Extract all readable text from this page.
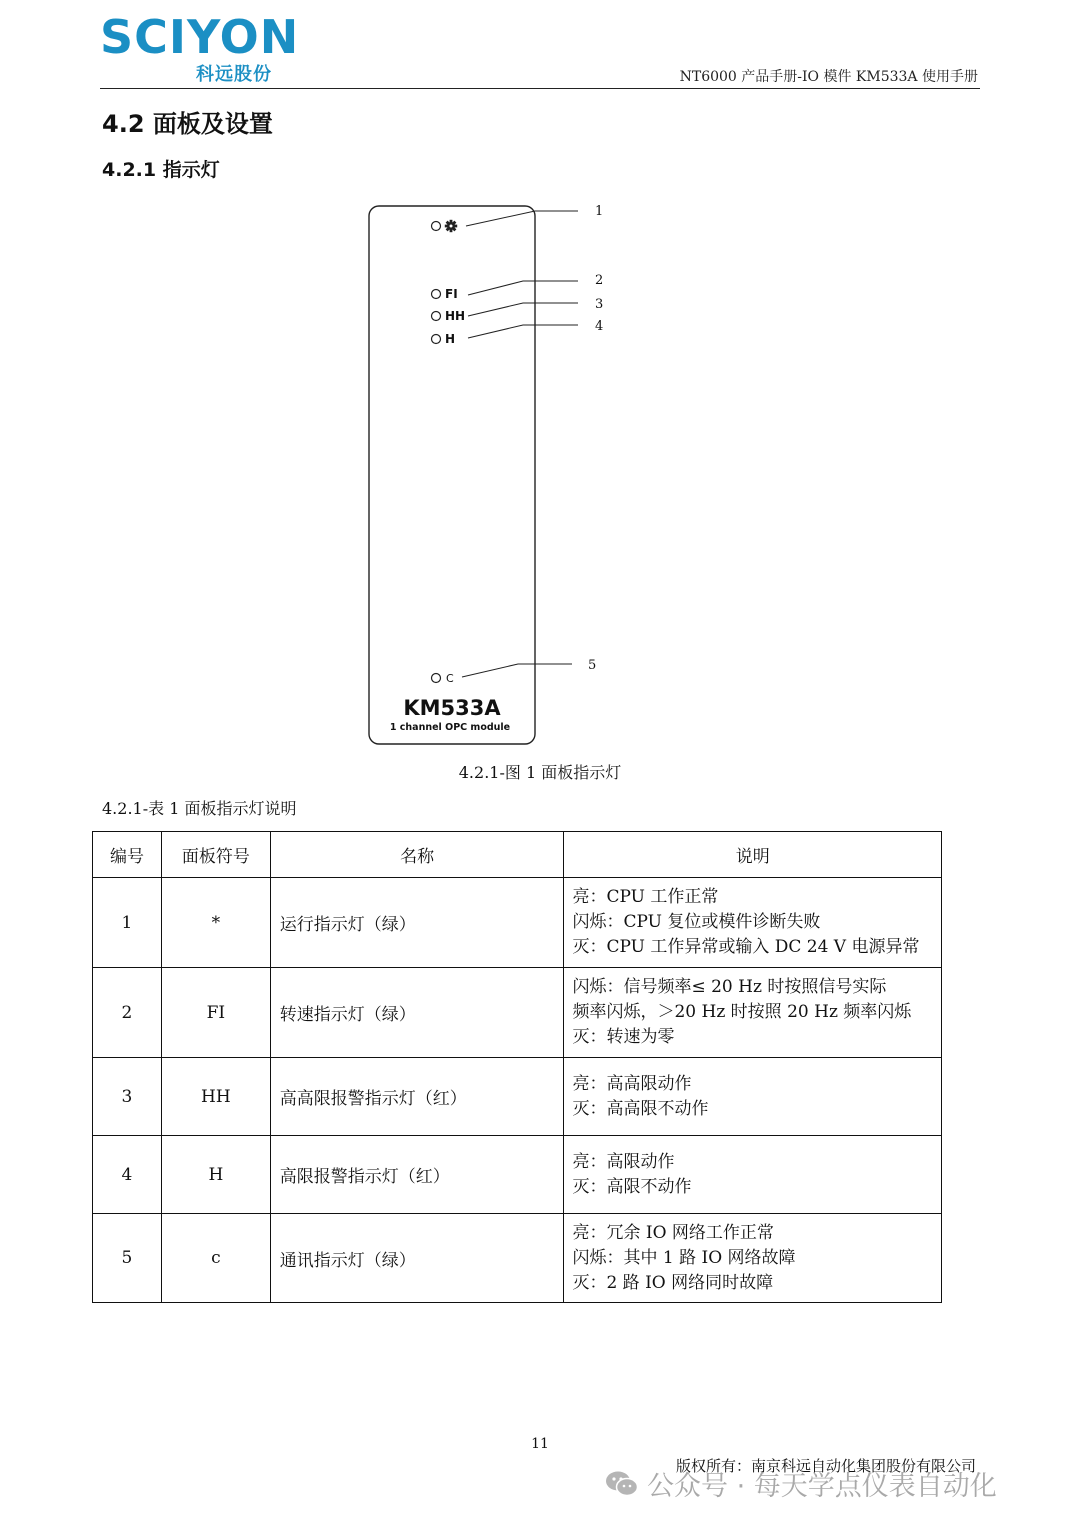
SCIYON
科远股份	NT6000 产品手册-IO 模件 KM533A 使用手册
4.2 面板及设置
4.2.1 指示灯
FI
HH
H
C
1
2
3
4
5
KM533A
1 channel OPC module
4.2.1-图 1 面板指示灯
4.2.1-表 1 面板指示灯说明
编号	面板符号	名称	说明
1	*	运行指示灯（绿）	亮：CPU 工作正常
闪烁：CPU 复位或模件诊断失败
灭：CPU 工作异常或输入 DC 24 V 电源异常

2	FI	转速指示灯（绿）	闪烁：信号频率≤ 20 Hz 时按照信号实际
频率闪烁，＞20 Hz 时按照 20 Hz 频率闪烁
灭：转速为零

3	HH	高高限报警指示灯（红）	亮：高高限动作
灭：高高限不动作

4	H	高限报警指示灯（红）	亮：高限动作
灭：高限不动作

5	c	通讯指示灯（绿）	亮：冗余 IO 网络工作正常
闪烁：其中 1 路 IO 网络故障
灭：2 路 IO 网络同时故障
11
版权所有：南京科远自动化集团股份有限公司
公众号 · 每天学点仪表自动化
